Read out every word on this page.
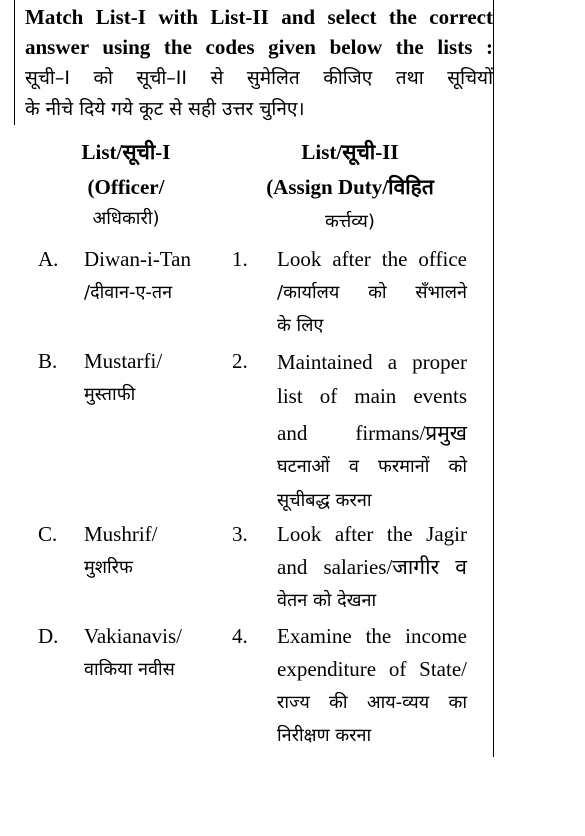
Match List-I with List-II and select the correct
answer using the codes given below the lists :
सूची–I को सूची–II से सुमेलित कीजिए तथा सूचियों
के नीचे दिये गये कूट से सही उत्तर चुनिए।
List/सूची-I
(Officer/
अधिकारी)
List/सूची-II
(Assign Duty/विहित
कर्त्तव्य)
A. Diwan-i-Tan
/दीवान-ए-तन
1. Look after the office
/कार्यालय को सँभालने
के लिए
B. Mustarfi/
मुस्ताफी
2. Maintained a proper
list of main events
and firmans/प्रमुख
घटनाओं व फरमानों को
सूचीबद्ध करना
C. Mushrif/
मुशरिफ
3. Look after the Jagir
and salaries/जागीर व
वेतन को देखना
D. Vakianavis/
वाकिया नवीस
4. Examine the income
expenditure of State/
राज्य की आय-व्यय का
निरीक्षण करना
